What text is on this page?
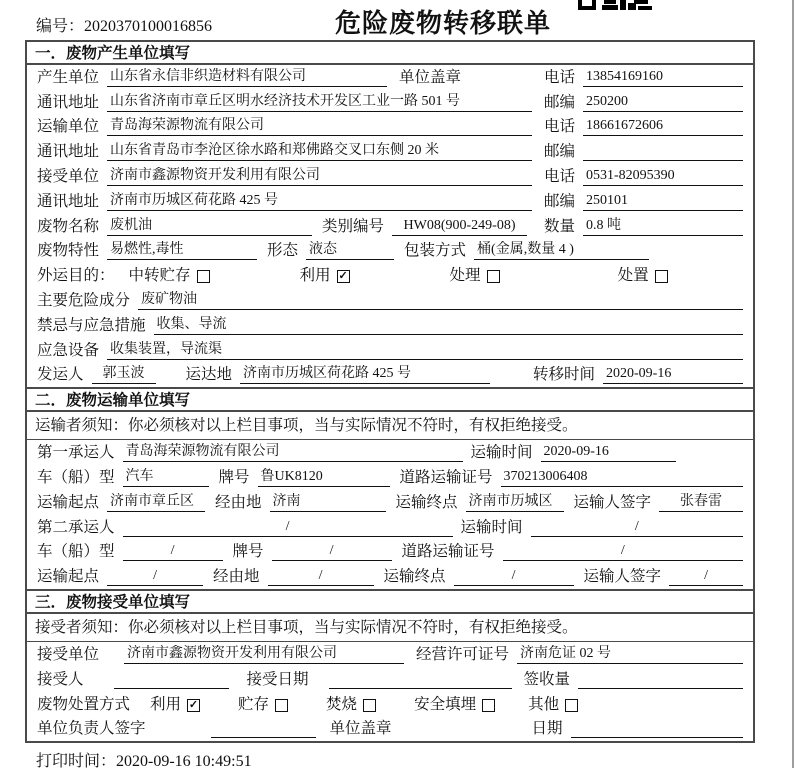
编号：2020370100016856	危险废物转移联单
一．废物产生单位填写
产生单位 山东省永信非织造材料有限公司	单位盖章	电话 13854169160
通讯地址 山东省济南市章丘区明水经济技术开发区工业一路 501 号	邮编 250200
运输单位 青岛海荣源物流有限公司	电话 18661672606
通讯地址 山东省青岛市李沧区徐水路和郑佛路交叉口东侧 20 米	邮编
接受单位 济南市鑫源物资开发利用有限公司	电话 0531-82095390
通讯地址 济南市历城区荷花路 425 号	邮编 250101
废物名称 废机油	类别编号	HW08(900-249-08)	数量 0.8 吨
废物特性 易燃性,毒性	形态 液态	包装方式 桶(金属,数量 4 )
外运目的： 中转贮存	利用 ✓	处理	处置
主要危险成分 废矿物油
禁忌与应急措施 收集、导流
应急设备 收集装置，导流渠
发运人	郭玉波	运达地 济南市历城区荷花路 425 号	转移时间 2020-09-16
二．废物运输单位填写
运输者须知：你必须核对以上栏目事项，当与实际情况不符时，有权拒绝接受。
第一承运人 青岛海荣源物流有限公司	运输时间 2020-09-16
车（船）型 汽车	牌号 鲁UK8120	道路运输证号 370213006408
运输起点 济南市章丘区	经由地 济南	运输终点 济南市历城区	运输人签字	张春雷
第二承运人	/	运输时间	/
车（船）型	/	牌号	/	道路运输证号	/
运输起点	/	经由地	/	运输终点	/	运输人签字	/
三．废物接受单位填写
接受者须知：你必须核对以上栏目事项，当与实际情况不符时，有权拒绝接受。
接受单位 济南市鑫源物资开发利用有限公司	经营许可证号 济南危证 02 号
接受人	接受日期	签收量
废物处置方式 利用 ✓	贮存	焚烧	安全填埋	其他
单位负责人签字	单位盖章	日期
打印时间：2020-09-16 10:49:51
